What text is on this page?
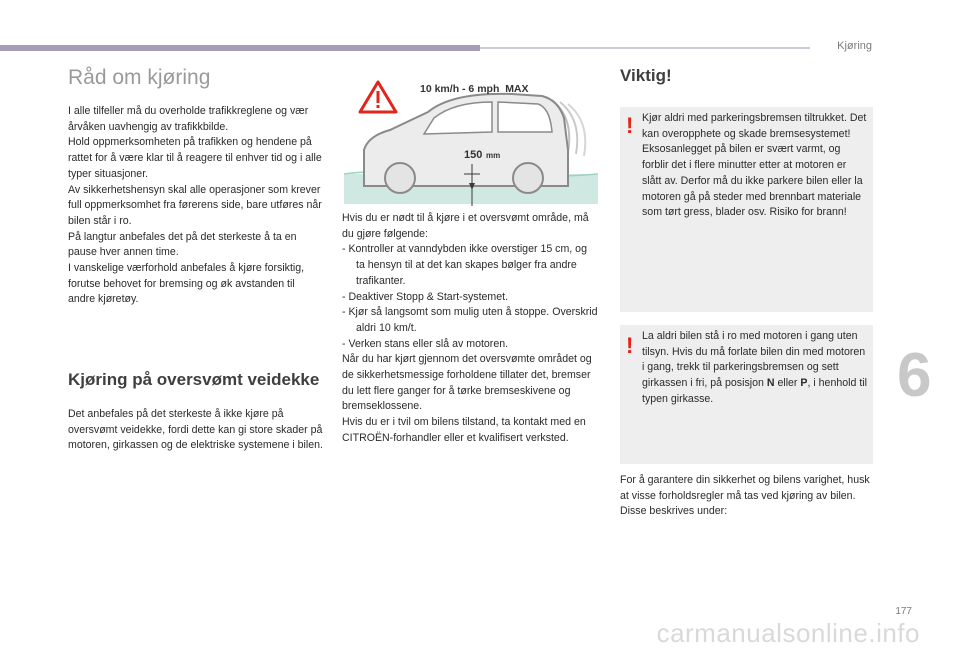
Kjøring
6
Råd om kjøring

I alle tilfeller må du overholde trafikkreglene og vær årvåken uavhengig av trafikkbilde.
Hold oppmerksomheten på trafikken og hendene på rattet for å være klar til å reagere til enhver tid og i alle typer situasjoner.
Av sikkerhetshensyn skal alle operasjoner som krever full oppmerksomhet fra førerens side, bare utføres når bilen står i ro.
På langtur anbefales det på det sterkeste å ta en pause hver annen time.
I vanskelige værforhold anbefales å kjøre forsiktig, forutse behovet for bremsing og øk avstanden til andre kjøretøy.

Kjøring på oversvømt veidekke

Det anbefales på det sterkeste å ikke kjøre på oversvømt veidekke, fordi dette kan gi store skader på motoren, girkassen og de elektriske systemene i bilen.

150 mm
10 km/h - 6 mph  MAX

Hvis du er nødt til å kjøre i et oversvømt område, må du gjøre følgende:

- Kontroller at vanndybden ikke overstiger 15 cm, og ta hensyn til at det kan skapes bølger fra andre trafikanter.
- Deaktiver Stopp & Start-systemet.
- Kjør så langsomt som mulig uten å stoppe. Overskrid aldri 10 km/t.
- Verken stans eller slå av motoren.

Når du har kjørt gjennom det oversvømte området og de sikkerhetsmessige forholdene tillater det, bremser du lett flere ganger for å tørke bremseskivene og bremseklossene.
Hvis du er i tvil om bilens tilstand, ta kontakt med en CITROËN-forhandler eller et kvalifisert verksted.

Viktig!
! Kjør aldri med parkeringsbremsen tiltrukket. Det kan overopphete og skade bremsesystemet!
Eksosanlegget på bilen er svært varmt, og forblir det i flere minutter etter at motoren er slått av. Derfor må du ikke parkere bilen eller la motoren gå på steder med brennbart materiale som tørt gress, blader osv. Risiko for brann!
! La aldri bilen stå i ro med motoren i gang uten tilsyn. Hvis du må forlate bilen din med motoren i gang, trekk til parkeringsbremsen og sett girkassen i fri, på posisjon N eller P, i henhold til typen girkasse.

For å garantere din sikkerhet og bilens varighet, husk at visse forholdsregler må tas ved kjøring av bilen. Disse beskrives under:

177
carmanualsonline.info
